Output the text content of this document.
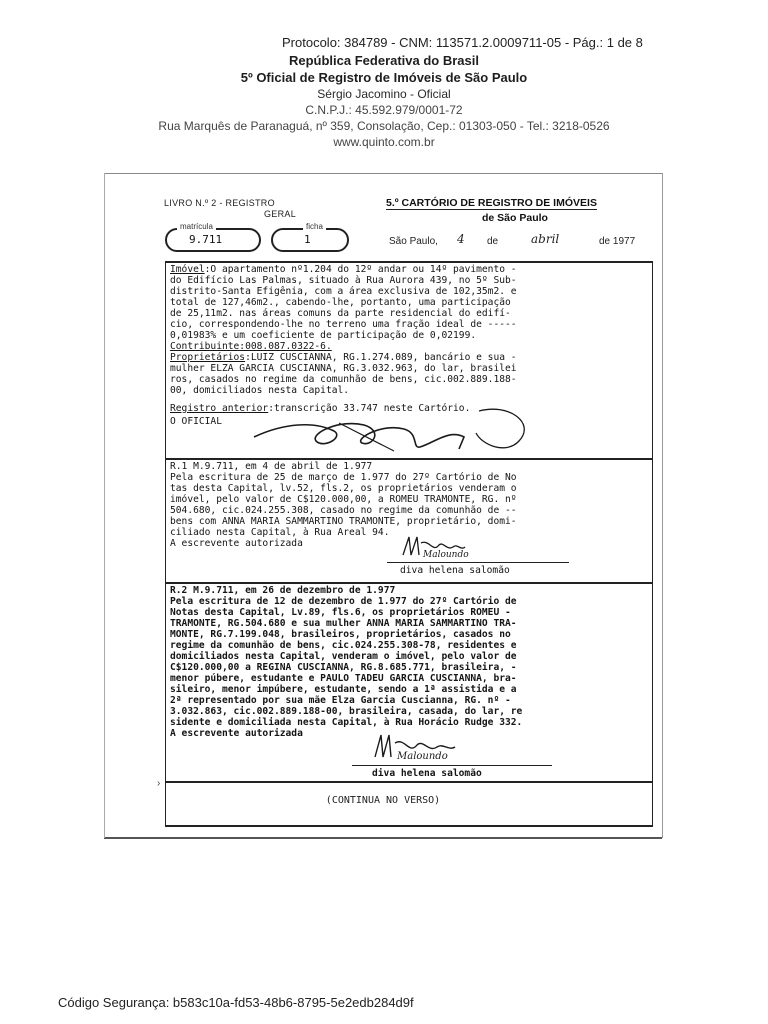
Protocolo: 384789 - CNM: 113571.2.0009711-05 - Pág.: 1 de 8
República Federativa do Brasil
5º Oficial de Registro de Imóveis de São Paulo
Sérgio Jacomino - Oficial
C.N.P.J.: 45.592.979/0001-72
Rua Marquês de Paranaguá, nº 359, Consolação, Cep.: 01303-050 - Tel.: 3218-0526
www.quinto.com.br
LIVRO N.º 2 - REGISTRO
GERAL
matrícula
9.711
ficha
1
5.º CARTÓRIO DE REGISTRO DE IMÓVEIS
de São Paulo
São Paulo, 4 de	abril	de 1977
Imóvel:O apartamento nº1.204 do 12º andar ou 14º pavimento -
do Edifício Las Palmas, situado à Rua Aurora 439, no 5º Sub-
distrito-Santa Efigênia, com a área exclusiva de 102,35m2. e
total de 127,46m2., cabendo-lhe, portanto, uma participação
de 25,11m2. nas áreas comuns da parte residencial do edifí-
cio, correspondendo-lhe no terreno uma fração ideal de -----
0,01983% e um coeficiente de participação de 0,02199.
Contribuinte:008.087.0322-6.
Proprietários:LUIZ CUSCIANNA, RG.1.274.089, bancário e sua -
mulher ELZA GARCIA CUSCIANNA, RG.3.032.963, do lar, brasilei
ros, casados no regime da comunhão de bens, cic.002.889.188-
00, domiciliados nesta Capital.
Registro anterior:transcrição 33.747 neste Cartório.
O OFICIAL
R.1 M.9.711, em 4 de abril de 1.977
Pela escritura de 25 de março de 1.977 do 27º Cartório de No
tas desta Capital, lv.52, fls.2, os proprietários venderam o
imóvel, pelo valor de C$120.000,00, a ROMEU TRAMONTE, RG. nº
504.680, cic.024.255.308, casado no regime da comunhão de --
bens com ANNA MARIA SAMMARTINO TRAMONTE, proprietário, domi-
ciliado nesta Capital, à Rua Areal 94.
A escrevente autorizada
Maloundo
diva helena salomão
R.2 M.9.711, em 26 de dezembro de 1.977
Pela escritura de 12 de dezembro de 1.977 do 27º Cartório de
Notas desta Capital, Lv.89, fls.6, os proprietários ROMEU -
TRAMONTE, RG.504.680 e sua mulher ANNA MARIA SAMMARTINO TRA-
MONTE, RG.7.199.048, brasileiros, proprietários, casados no
regime da comunhão de bens, cic.024.255.308-78, residentes e
domiciliados nesta Capital, venderam o imóvel, pelo valor de
C$120.000,00 a REGINA CUSCIANNA, RG.8.685.771, brasileira, -
menor púbere, estudante e PAULO TADEU GARCIA CUSCIANNA, bra-
sileiro, menor impúbere, estudante, sendo a 1ª assistida e a
2ª representado por sua mãe Elza Garcia Cuscianna, RG. nº -
3.032.863, cic.002.889.188-00, brasileira, casada, do lar, re
sidente e domiciliada nesta Capital, à Rua Horácio Rudge 332.
A escrevente autorizada
Maloundo
diva helena salomão
(CONTINUA NO VERSO)
›
Código Segurança: b583c10a-fd53-48b6-8795-5e2edb284d9f
